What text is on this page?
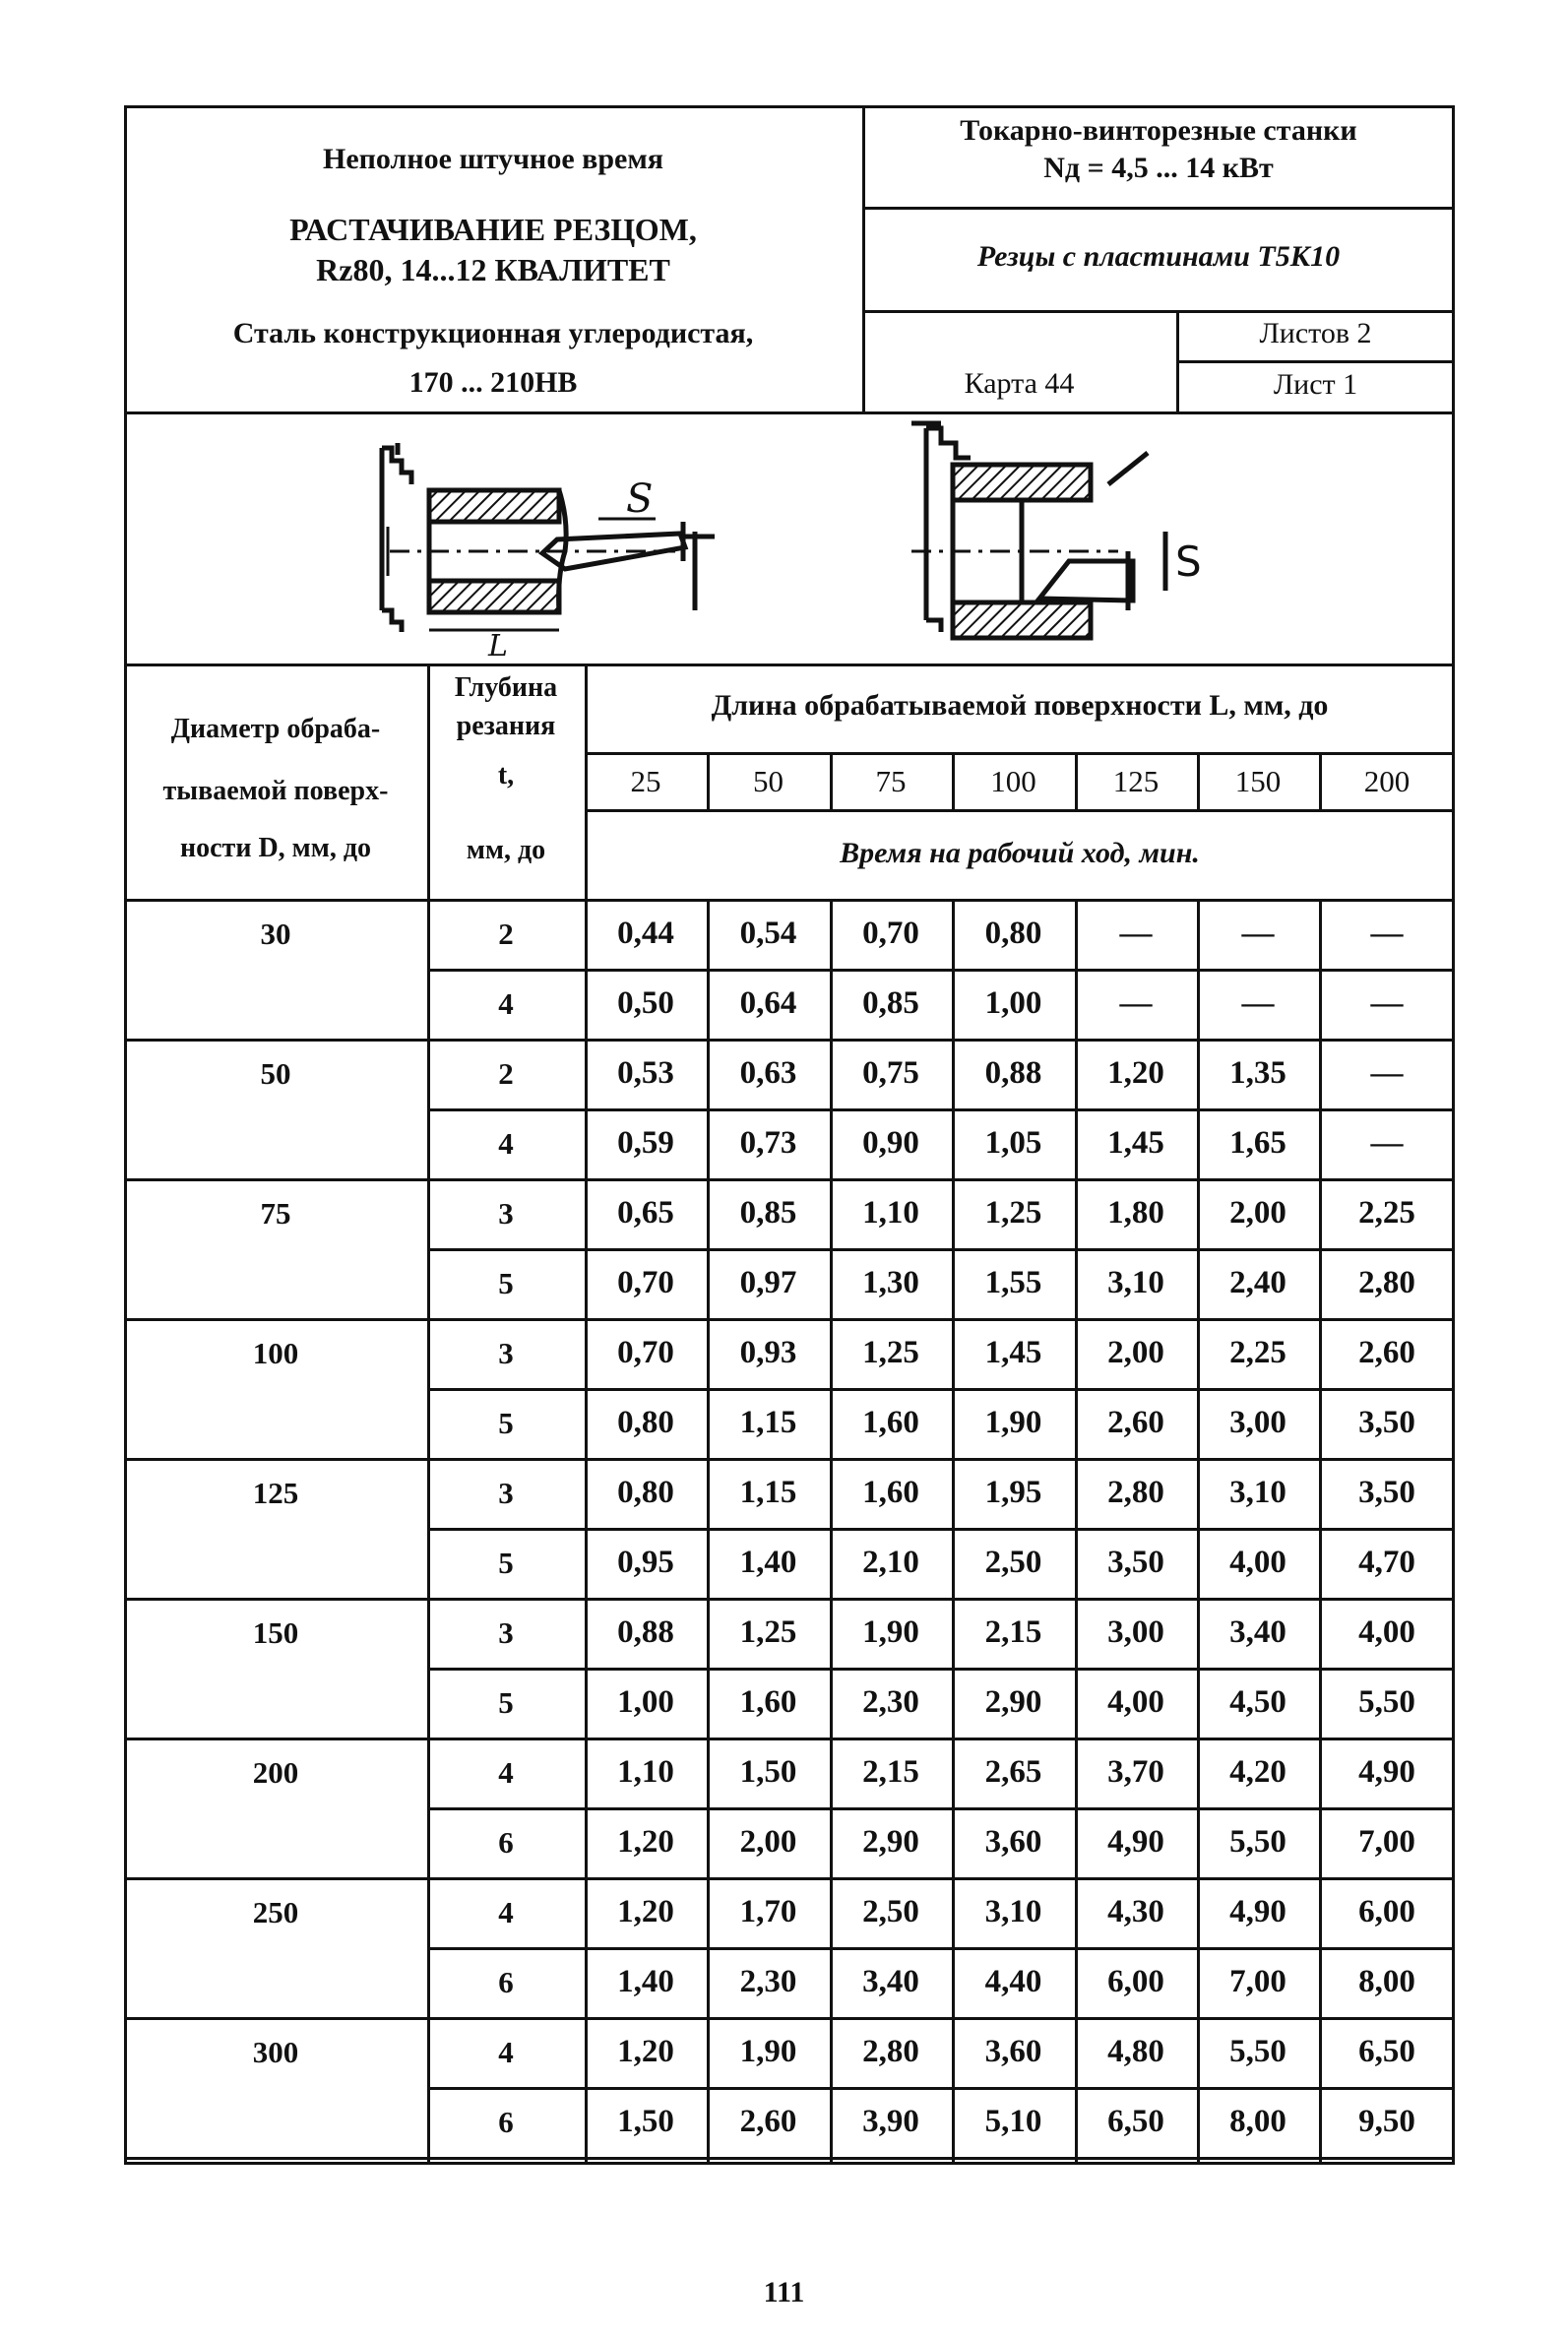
Неполное штучное время
РАСТАЧИВАНИЕ РЕЗЦОМ,
Rz80, 14...12 КВАЛИТЕТ
Сталь конструкционная углеродистая,
170 ... 210НВ
Токарно-винторезные станки
Nд = 4,5 ... 14 кВт
Резцы с пластинами Т5К10
Карта 44
Листов 2
Лист 1
S
L
S
Диаметр обраба-
тываемой поверх-
ности D, мм, до
Глубина
резания
t,
мм, до
Длина обрабатываемой поверхности L, мм, до
25	50	75	100	125	150	200
Время на рабочий ход, мин.
30	2	0,44	0,54	0,70	0,80	—	—	—
4	0,50	0,64	0,85	1,00	—	—	—
50	2	0,53	0,63	0,75	0,88	1,20	1,35	—
4	0,59	0,73	0,90	1,05	1,45	1,65	—
75	3	0,65	0,85	1,10	1,25	1,80	2,00	2,25
5	0,70	0,97	1,30	1,55	3,10	2,40	2,80
100	3	0,70	0,93	1,25	1,45	2,00	2,25	2,60
5	0,80	1,15	1,60	1,90	2,60	3,00	3,50
125	3	0,80	1,15	1,60	1,95	2,80	3,10	3,50
5	0,95	1,40	2,10	2,50	3,50	4,00	4,70
150	3	0,88	1,25	1,90	2,15	3,00	3,40	4,00
5	1,00	1,60	2,30	2,90	4,00	4,50	5,50
200	4	1,10	1,50	2,15	2,65	3,70	4,20	4,90
6	1,20	2,00	2,90	3,60	4,90	5,50	7,00
250	4	1,20	1,70	2,50	3,10	4,30	4,90	6,00
6	1,40	2,30	3,40	4,40	6,00	7,00	8,00
300	4	1,20	1,90	2,80	3,60	4,80	5,50	6,50
6	1,50	2,60	3,90	5,10	6,50	8,00	9,50
111
